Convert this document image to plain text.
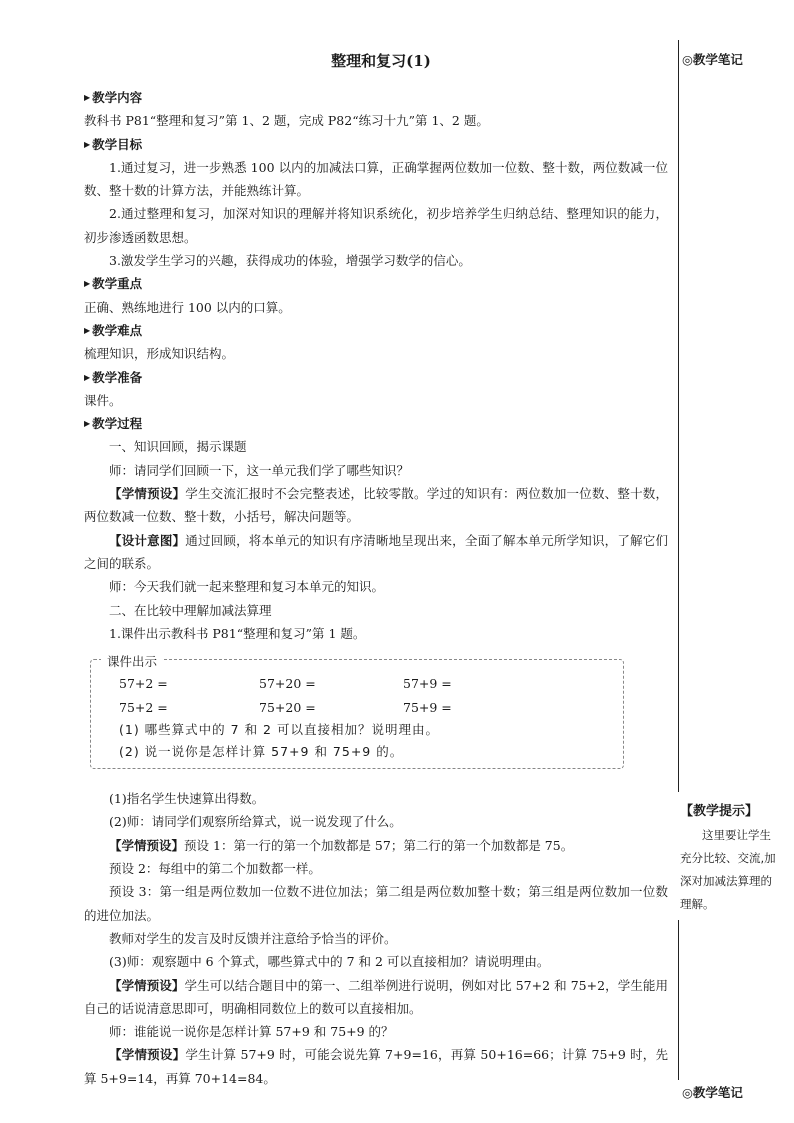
整理和复习(1)	◎教学笔记
【教学提示】
这里要让学生充分比较、交流,加深对加减法算理的理解。
◎教学笔记

▶ 教学内容

教科书 P81“整理和复习”第 1、2 题，完成 P82“练习十九”第 1、2 题。

▶ 教学目标

1.通过复习，进一步熟悉 100 以内的加减法口算，正确掌握两位数加一位数、整十数，两位数减一位数、整十数的计算方法，并能熟练计算。

2.通过整理和复习，加深对知识的理解并将知识系统化，初步培养学生归纳总结、整理知识的能力，初步渗透函数思想。

3.激发学生学习的兴趣，获得成功的体验，增强学习数学的信心。

▶ 教学重点

正确、熟练地进行 100 以内的口算。

▶ 教学难点

梳理知识，形成知识结构。

▶ 教学准备

课件。

▶ 教学过程

一、知识回顾，揭示课题

师：请同学们回顾一下，这一单元我们学了哪些知识？

【学情预设】学生交流汇报时不会完整表述，比较零散。学过的知识有：两位数加一位数、整十数，两位数减一位数、整十数，小括号，解决问题等。

【设计意图】通过回顾，将本单元的知识有序清晰地呈现出来，全面了解本单元所学知识，了解它们之间的联系。

师：今天我们就一起来整理和复习本单元的知识。

二、在比较中理解加减法算理

1.课件出示教科书 P81“整理和复习”第 1 题。

课件出示
57+2 =	57+20 =	57+9 =
75+2 =	75+20 =	75+9 =
(1) 哪些算式中的 7 和 2 可以直接相加？说明理由。
(2) 说一说你是怎样计算 57+9 和 75+9 的。

(1)指名学生快速算出得数。

(2)师：请同学们观察所给算式，说一说发现了什么。

【学情预设】预设 1：第一行的第一个加数都是 57；第二行的第一个加数都是 75。

预设 2：每组中的第二个加数都一样。

预设 3：第一组是两位数加一位数不进位加法；第二组是两位数加整十数；第三组是两位数加一位数的进位加法。

教师对学生的发言及时反馈并注意给予恰当的评价。

(3)师：观察题中 6 个算式，哪些算式中的 7 和 2 可以直接相加？请说明理由。

【学情预设】学生可以结合题目中的第一、二组举例进行说明，例如对比 57+2 和 75+2，学生能用自己的话说清意思即可，明确相同数位上的数可以直接相加。

师：谁能说一说你是怎样计算 57+9 和 75+9 的？

【学情预设】学生计算 57+9 时，可能会说先算 7+9=16，再算 50+16=66；计算 75+9 时，先算 5+9=14，再算 70+14=84。
